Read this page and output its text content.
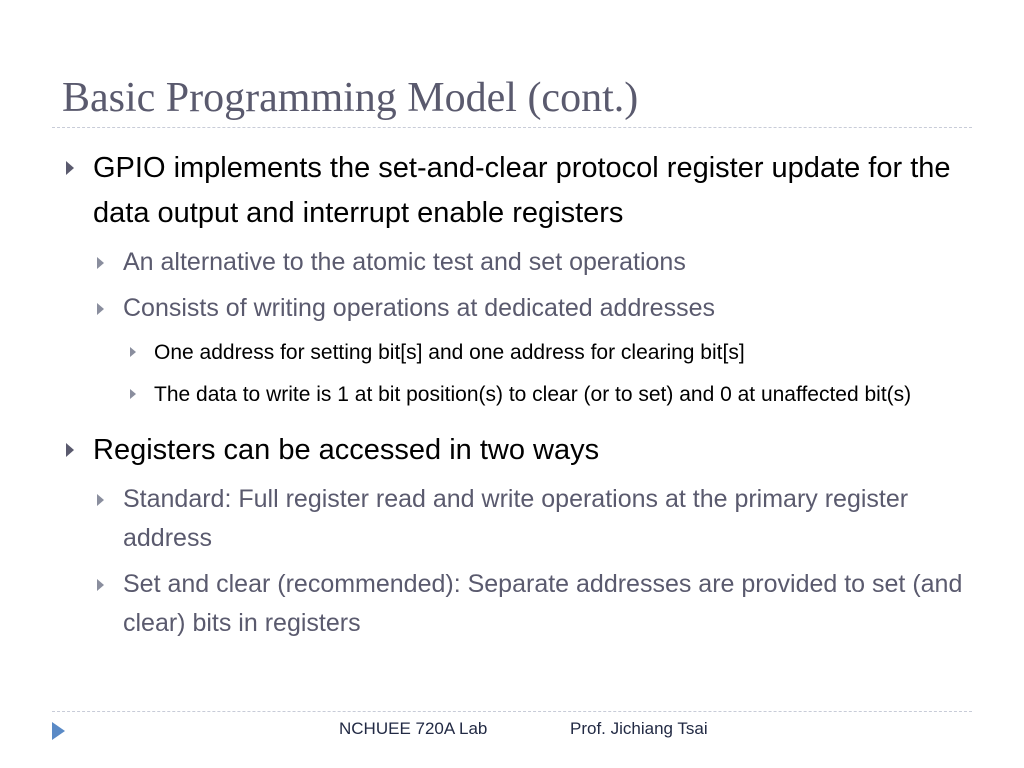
Basic Programming Model (cont.)
GPIO implements the set-and-clear protocol register update for the data output and interrupt enable registers
An alternative to the atomic test and set operations
Consists of writing operations at dedicated addresses
One address for setting bit[s] and one address for clearing bit[s]
The data to write is 1 at bit position(s) to clear (or to set) and 0 at unaffected bit(s)
Registers can be accessed in two ways
Standard: Full register read and write operations at the primary register address
Set and clear (recommended): Separate addresses are provided to set (and clear) bits in registers
NCHUEE 720A Lab	Prof. Jichiang Tsai
